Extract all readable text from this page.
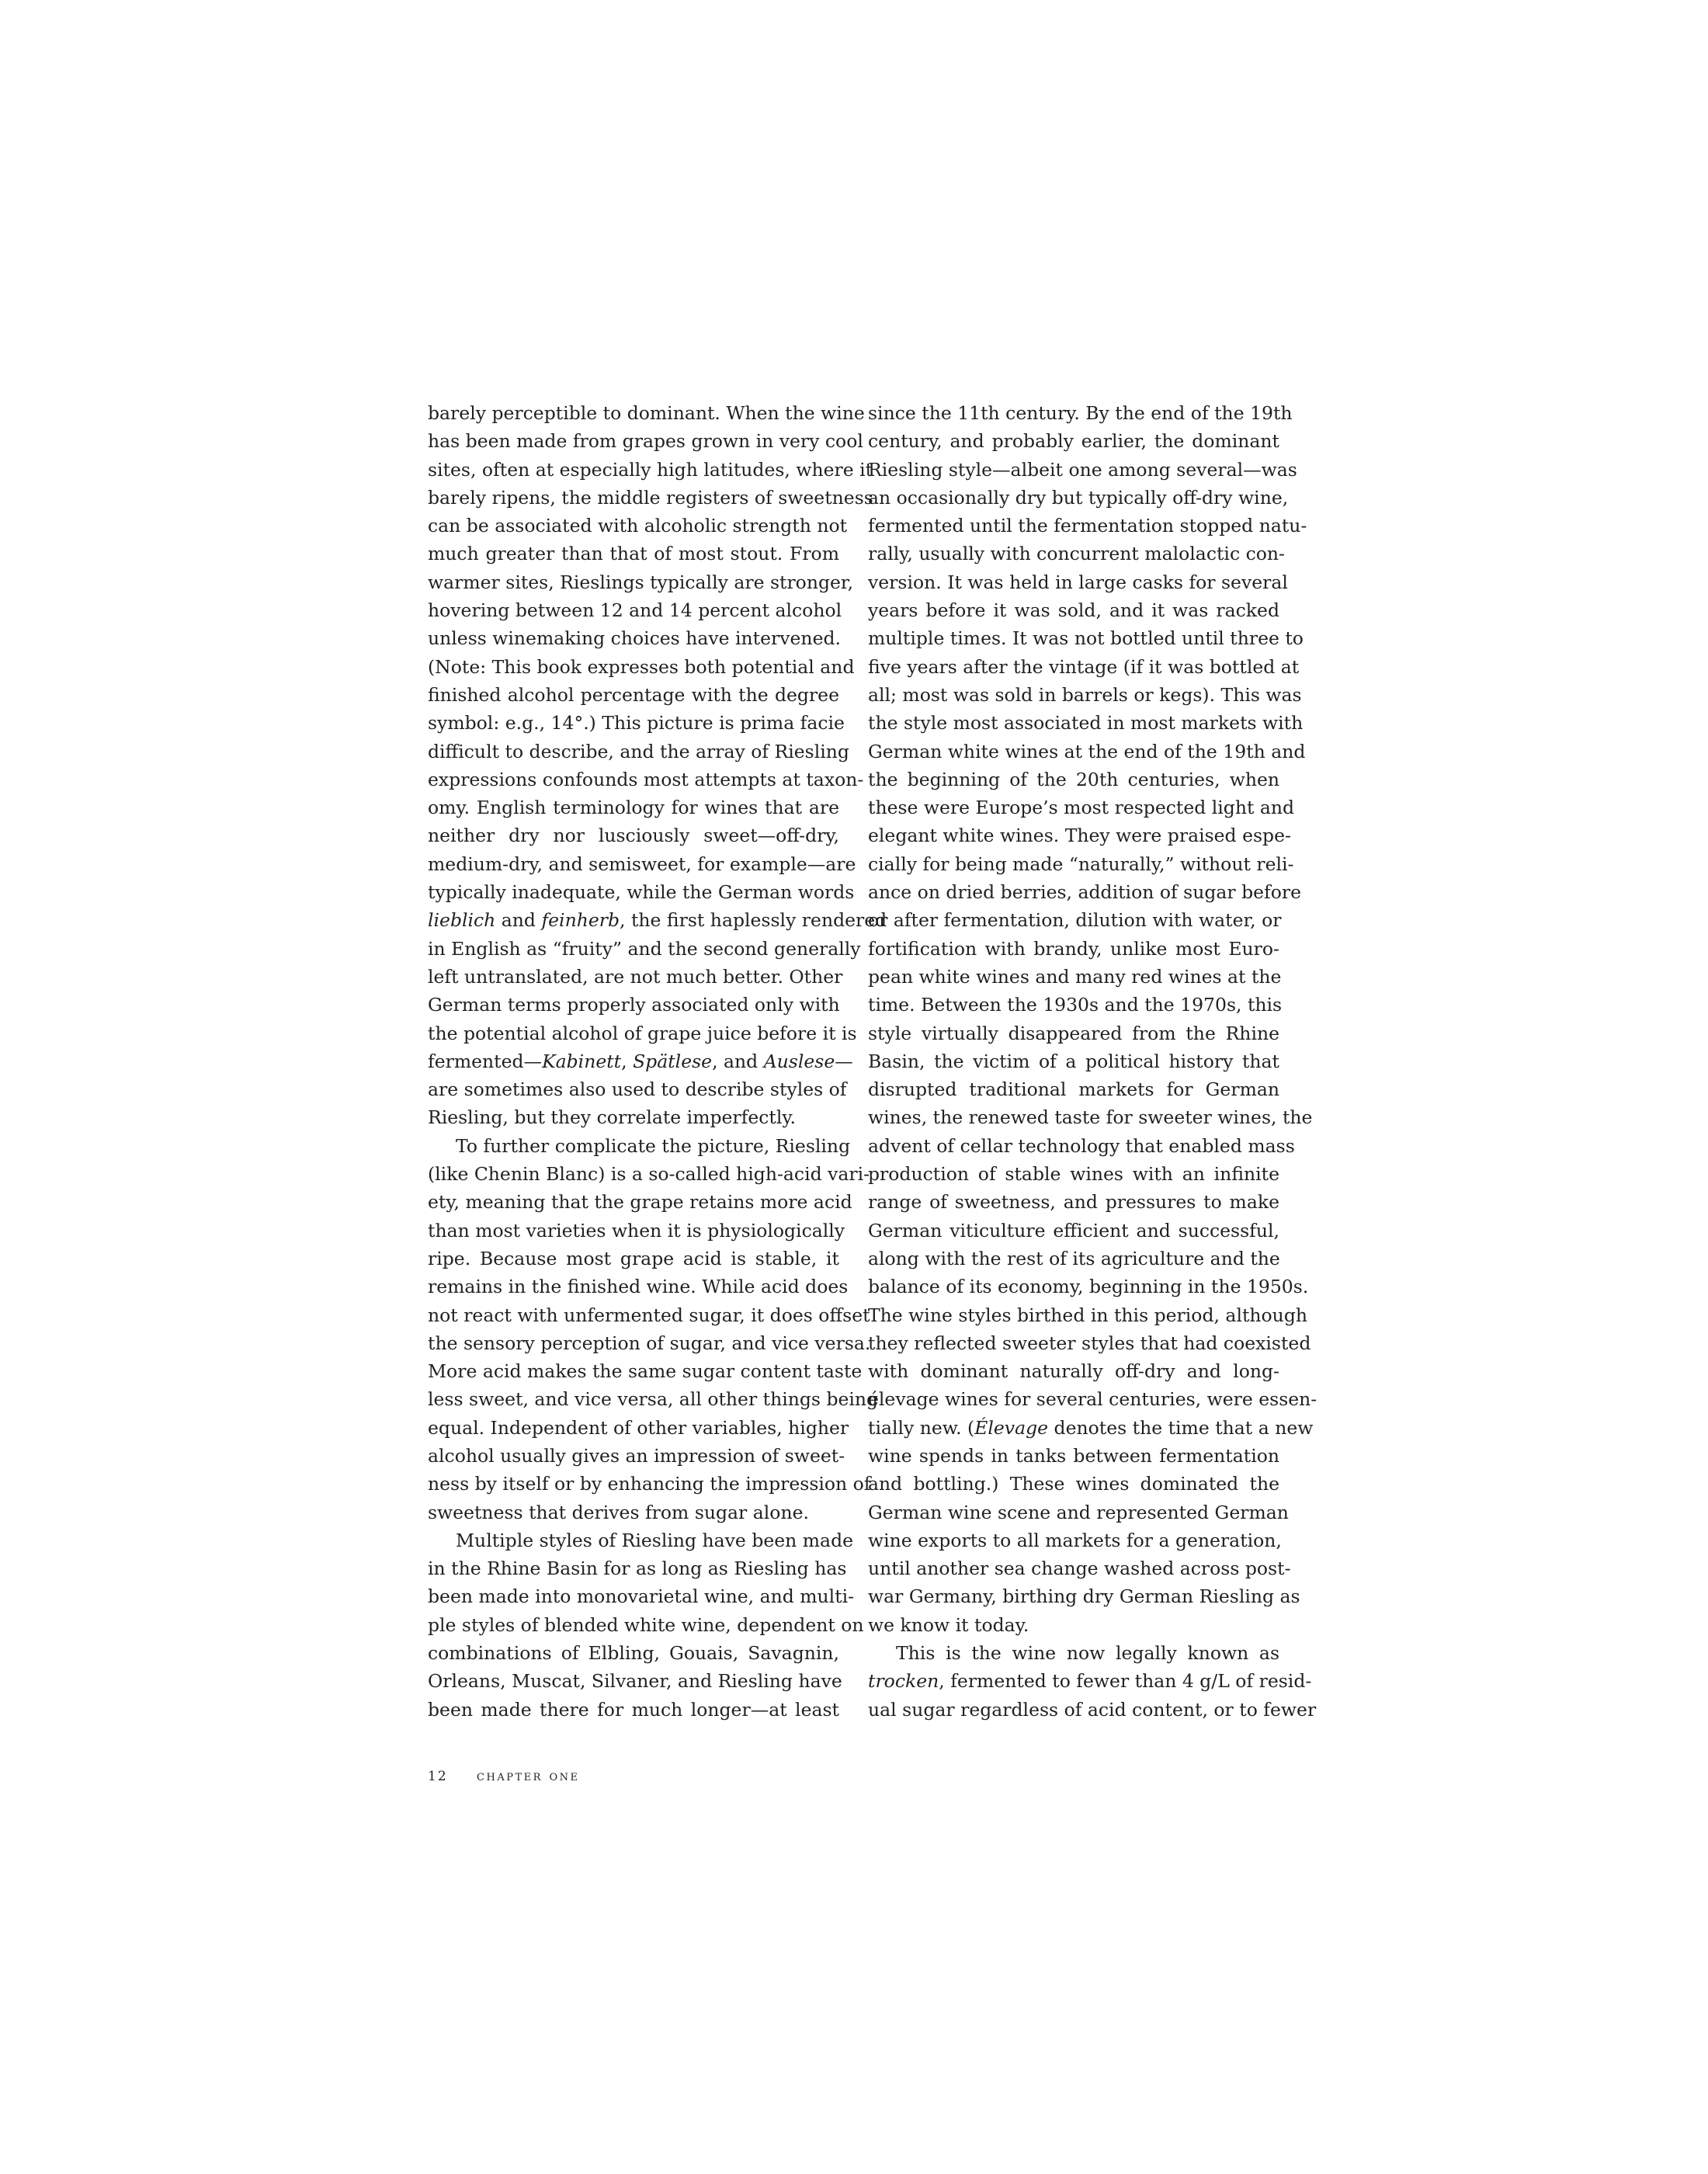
barely perceptible to dominant. When the wine
has been made from grapes grown in very cool
sites, often at especially high latitudes, where it
barely ripens, the middle registers of sweetness
can be associated with alcoholic strength not
much greater than that of most stout. From
warmer sites, Rieslings typically are stronger,
hovering between 12 and 14 percent alcohol
unless winemaking choices have intervened.
(Note: This book expresses both potential and
finished alcohol percentage with the degree
symbol: e.g., 14°.) This picture is prima facie
difficult to describe, and the array of Riesling
expressions confounds most attempts at taxon-
omy. English terminology for wines that are
neither dry nor lusciously sweet—off-dry,
medium-dry, and semisweet, for example—are
typically inadequate, while the German words
lieblich and feinherb, the first haplessly rendered
in English as “fruity” and the second generally
left untranslated, are not much better. Other
German terms properly associated only with
the potential alcohol of grape juice before it is
fermented—Kabinett, Spätlese, and Auslese—
are sometimes also used to describe styles of
Riesling, but they correlate imperfectly.
To further complicate the picture, Riesling
(like Chenin Blanc) is a so-called high-acid vari-
ety, meaning that the grape retains more acid
than most varieties when it is physiologically
ripe. Because most grape acid is stable, it
remains in the finished wine. While acid does
not react with unfermented sugar, it does offset
the sensory perception of sugar, and vice versa.
More acid makes the same sugar content taste
less sweet, and vice versa, all other things being
equal. Independent of other variables, higher
alcohol usually gives an impression of sweet-
ness by itself or by enhancing the impression of
sweetness that derives from sugar alone.
Multiple styles of Riesling have been made
in the Rhine Basin for as long as Riesling has
been made into monovarietal wine, and multi-
ple styles of blended white wine, dependent on
combinations of Elbling, Gouais, Savagnin,
Orleans, Muscat, Silvaner, and Riesling have
been made there for much longer—at least
since the 11th century. By the end of the 19th
century, and probably earlier, the dominant
Riesling style—albeit one among several—was
an occasionally dry but typically off-dry wine,
fermented until the fermentation stopped natu-
rally, usually with concurrent malolactic con-
version. It was held in large casks for several
years before it was sold, and it was racked
multiple times. It was not bottled until three to
five years after the vintage (if it was bottled at
all; most was sold in barrels or kegs). This was
the style most associated in most markets with
German white wines at the end of the 19th and
the beginning of the 20th centuries, when
these were Europe’s most respected light and
elegant white wines. They were praised espe-
cially for being made “naturally,” without reli-
ance on dried berries, addition of sugar before
or after fermentation, dilution with water, or
fortification with brandy, unlike most Euro-
pean white wines and many red wines at the
time. Between the 1930s and the 1970s, this
style virtually disappeared from the Rhine
Basin, the victim of a political history that
disrupted traditional markets for German
wines, the renewed taste for sweeter wines, the
advent of cellar technology that enabled mass
production of stable wines with an infinite
range of sweetness, and pressures to make
German viticulture efficient and successful,
along with the rest of its agriculture and the
balance of its economy, beginning in the 1950s.
The wine styles birthed in this period, although
they reflected sweeter styles that had coexisted
with dominant naturally off-dry and long-
élevage wines for several centuries, were essen-
tially new. (Élevage denotes the time that a new
wine spends in tanks between fermentation
and bottling.) These wines dominated the
German wine scene and represented German
wine exports to all markets for a generation,
until another sea change washed across post-
war Germany, birthing dry German Riesling as
we know it today.
This is the wine now legally known as
trocken, fermented to fewer than 4 g/L of resid-
ual sugar regardless of acid content, or to fewer
12 chapter one
